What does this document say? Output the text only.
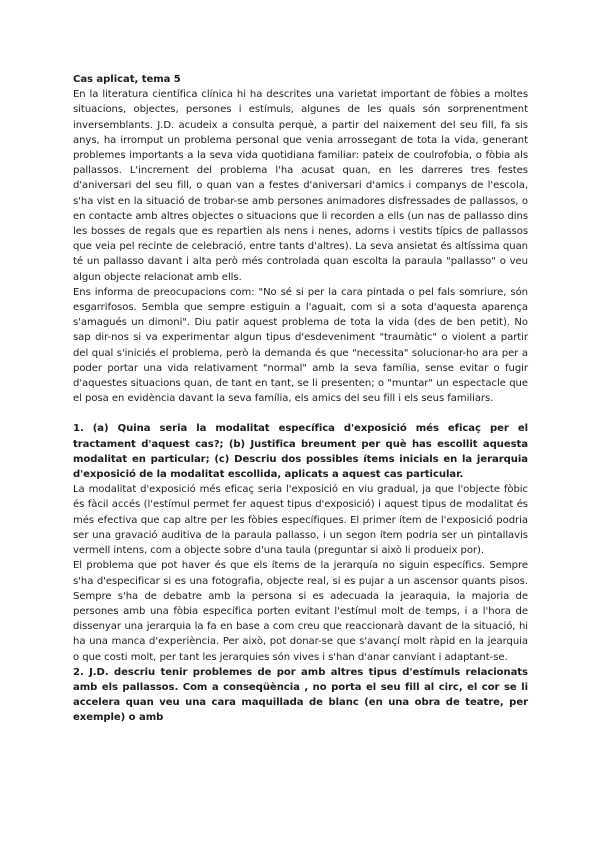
Cas aplicat, tema 5

En la literatura científica clínica hi ha descrites una varietat important de fòbies a moltes situacions, objectes, persones i estímuls, algunes de les quals són sorprenentment inversemblants. J.D. acudeix a consulta perquè, a partir del naixement del seu fill, fa sis anys, ha irromput un problema personal que venia arrossegant de tota la vida, generant problemes importants a la seva vida quotidiana familiar: pateix de coulrofobia, o fòbia als pallassos. L'increment del problema l'ha acusat quan, en les darreres tres festes d'aniversari del seu fill, o quan van a festes d'aniversari d'amics i companys de l'escola, s'ha vist en la situació de trobar-se amb persones animadores disfressades de pallassos, o en contacte amb altres objectes o situacions que li recorden a ells (un nas de pallasso dins les bosses de regals que es repartien als nens i nenes, adorns i vestits típics de pallassos que veia pel recinte de celebració, entre tants d'altres). La seva ansietat és altíssima quan té un pallasso davant i alta però més controlada quan escolta la paraula "pallasso" o veu algun objecte relacionat amb ells.

Ens informa de preocupacions com: "No sé si per la cara pintada o pel fals somriure, són esgarrifosos. Sembla que sempre estiguin a l'aguait, com si a sota d'aquesta aparença s'amagués un dimoni". Diu patir aquest problema de tota la vida (des de ben petit). No sap dir-nos si va experimentar algun tipus d'esdeveniment "traumàtic" o violent a partir del qual s'iniciés el problema, però la demanda és que "necessita" solucionar-ho ara per a poder portar una vida relativament "normal" amb la seva família, sense evitar o fugir d'aquestes situacions quan, de tant en tant, se li presenten; o "muntar" un espectacle que el posa en evidència davant la seva família, els amics del seu fill i els seus familiars.

1. (a) Quina seria la modalitat específica d'exposició més eficaç per el tractament d'aquest cas?; (b) Justifica breument per què has escollit aquesta modalitat en particular; (c) Descriu dos possibles ítems inicials en la jerarquia d'exposició de la modalitat escollida, aplicats a aquest cas particular.

La modalitat d'exposició més eficaç seria l'exposició en viu gradual, ja que l'objecte fòbic és fàcil accés (l'estímul permet fer aquest tipus d'exposició) i aquest tipus de modalitat és més efectiva que cap altre per les fòbies específiques. El primer ítem de l'exposició podria ser una gravació auditiva de la paraula pallasso, i un segon ítem podria ser un pintallavis vermell intens, com a objecte sobre d'una taula (preguntar si això li produeix por).

El problema que pot haver és que els ítems de la jerarquía no siguin específics. Sempre s'ha d'especificar si es una fotografia, objecte real, si es pujar a un ascensor quants pisos. Sempre s'ha de debatre amb la persona si es adecuada la jearaquia, la majoria de persones amb una fòbia específica porten evitant l'estímul molt de temps, i a l'hora de dissenyar una jerarquia la fa en base a com creu que reaccionarà davant de la situació, hi ha una manca d'experiència. Per això, pot donar-se que s'avançí molt ràpid en la jearquia o que costi molt, per tant les jerarquies són vives i s'han d'anar canviant i adaptant-se.

2. J.D. descriu tenir problemes de por amb altres tipus d'estímuls relacionats amb els pallassos. Com a conseqüència , no porta el seu fill al circ, el cor se li accelera quan veu una cara maquillada de blanc (en una obra de teatre, per exemple) o amb
